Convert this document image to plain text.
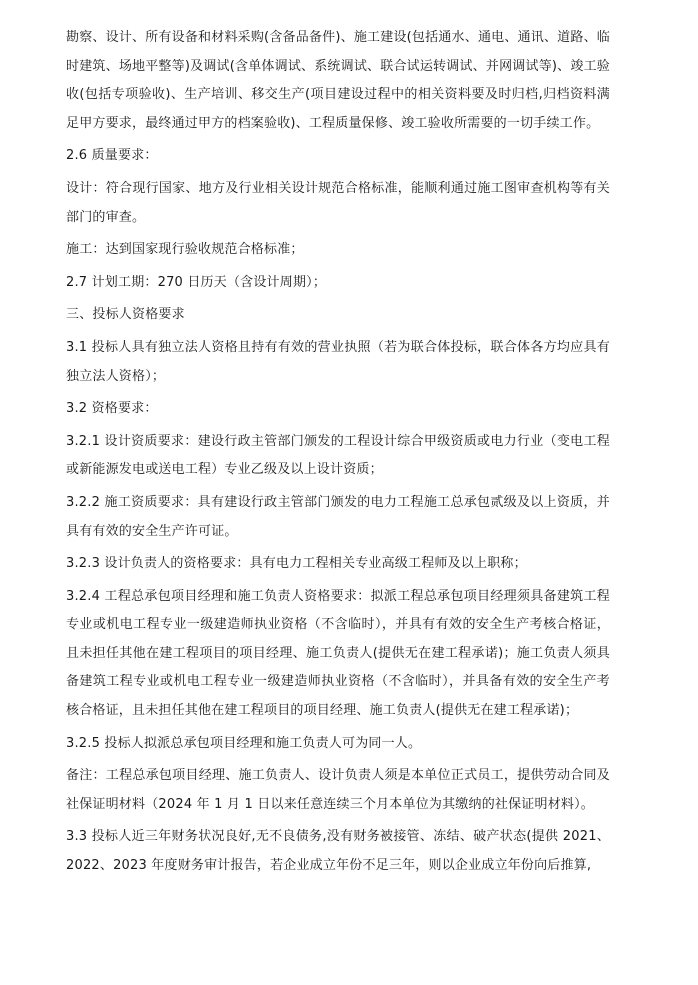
勘察、设计、所有设备和材料采购(含备品备件)、施工建设(包括通水、通电、通讯、道路、临时建筑、场地平整等)及调试(含单体调试、系统调试、联合试运转调试、并网调试等)、竣工验收(包括专项验收)、生产培训、移交生产(项目建设过程中的相关资料要及时归档,归档资料满足甲方要求，最终通过甲方的档案验收)、工程质量保修、竣工验收所需要的一切手续工作。

2.6 质量要求：

设计：符合现行国家、地方及行业相关设计规范合格标准，能顺利通过施工图审查机构等有关部门的审查。

施工：达到国家现行验收规范合格标准；

2.7 计划工期：270 日历天（含设计周期）；

三、投标人资格要求

3.1 投标人具有独立法人资格且持有有效的营业执照（若为联合体投标，联合体各方均应具有独立法人资格）；

3.2 资格要求：

3.2.1 设计资质要求：建设行政主管部门颁发的工程设计综合甲级资质或电力行业（变电工程或新能源发电或送电工程）专业乙级及以上设计资质；

3.2.2 施工资质要求：具有建设行政主管部门颁发的电力工程施工总承包贰级及以上资质，并具有有效的安全生产许可证。

3.2.3 设计负责人的资格要求：具有电力工程相关专业高级工程师及以上职称；

3.2.4 工程总承包项目经理和施工负责人资格要求：拟派工程总承包项目经理须具备建筑工程专业或机电工程专业一级建造师执业资格（不含临时），并具有有效的安全生产考核合格证，且未担任其他在建工程项目的项目经理、施工负责人(提供无在建工程承诺)；施工负责人须具备建筑工程专业或机电工程专业一级建造师执业资格（不含临时），并具备有效的安全生产考核合格证，且未担任其他在建工程项目的项目经理、施工负责人(提供无在建工程承诺)；

3.2.5 投标人拟派总承包项目经理和施工负责人可为同一人。

备注：工程总承包项目经理、施工负责人、设计负责人须是本单位正式员工，提供劳动合同及社保证明材料（2024 年 1 月 1 日以来任意连续三个月本单位为其缴纳的社保证明材料）。

3.3 投标人近三年财务状况良好,无不良债务,没有财务被接管、冻结、破产状态(提供 2021、2022、2023 年度财务审计报告，若企业成立年份不足三年，则以企业成立年份向后推算,
